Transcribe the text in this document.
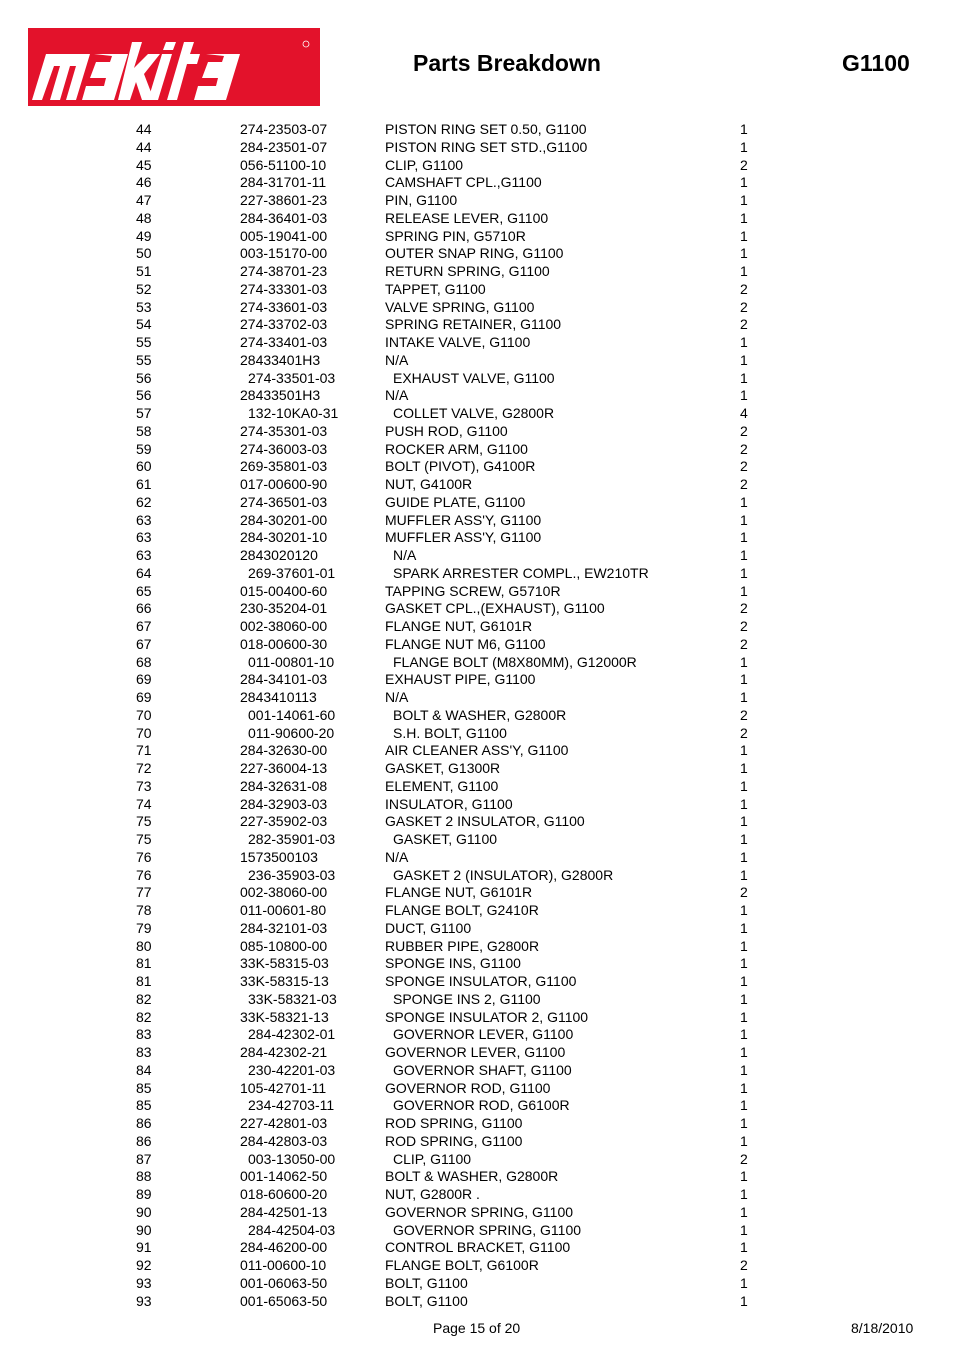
Parts Breakdown	G1100
44	274-23503-07	PISTON RING SET 0.50, G1100	1
44	284-23501-07	PISTON RING SET STD.,G1100	1
45	056-51100-10	CLIP, G1100	2
46	284-31701-11	CAMSHAFT CPL.,G1100	1
47	227-38601-23	PIN, G1100	1
48	284-36401-03	RELEASE LEVER, G1100	1
49	005-19041-00	SPRING PIN, G5710R	1
50	003-15170-00	OUTER SNAP RING, G1100	1
51	274-38701-23	RETURN SPRING, G1100	1
52	274-33301-03	TAPPET, G1100	2
53	274-33601-03	VALVE SPRING, G1100	2
54	274-33702-03	SPRING RETAINER, G1100	2
55	274-33401-03	INTAKE VALVE, G1100	1
55	28433401H3	N/A	1
56	274-33501-03	EXHAUST VALVE, G1100	1
56	28433501H3	N/A	1
57	132-10KA0-31	COLLET VALVE, G2800R	4
58	274-35301-03	PUSH ROD, G1100	2
59	274-36003-03	ROCKER ARM, G1100	2
60	269-35801-03	BOLT (PIVOT), G4100R	2
61	017-00600-90	NUT, G4100R	2
62	274-36501-03	GUIDE PLATE, G1100	1
63	284-30201-00	MUFFLER ASS'Y, G1100	1
63	284-30201-10	MUFFLER ASS'Y, G1100	1
63	2843020120	N/A	1
64	269-37601-01	SPARK ARRESTER COMPL., EW210TR	1
65	015-00400-60	TAPPING SCREW, G5710R	1
66	230-35204-01	GASKET CPL.,(EXHAUST), G1100	2
67	002-38060-00	FLANGE NUT, G6101R	2
67	018-00600-30	FLANGE NUT M6, G1100	2
68	011-00801-10	FLANGE BOLT (M8X80MM), G12000R	1
69	284-34101-03	EXHAUST PIPE, G1100	1
69	2843410113	N/A	1
70	001-14061-60	BOLT & WASHER, G2800R	2
70	011-90600-20	S.H. BOLT, G1100	2
71	284-32630-00	AIR CLEANER ASS'Y, G1100	1
72	227-36004-13	GASKET, G1300R	1
73	284-32631-08	ELEMENT, G1100	1
74	284-32903-03	INSULATOR, G1100	1
75	227-35902-03	GASKET 2 INSULATOR, G1100	1
75	282-35901-03	GASKET, G1100	1
76	1573500103	N/A	1
76	236-35903-03	GASKET 2 (INSULATOR), G2800R	1
77	002-38060-00	FLANGE NUT, G6101R	2
78	011-00601-80	FLANGE BOLT, G2410R	1
79	284-32101-03	DUCT, G1100	1
80	085-10800-00	RUBBER PIPE, G2800R	1
81	33K-58315-03	SPONGE INS, G1100	1
81	33K-58315-13	SPONGE INSULATOR, G1100	1
82	33K-58321-03	SPONGE INS 2, G1100	1
82	33K-58321-13	SPONGE INSULATOR 2, G1100	1
83	284-42302-01	GOVERNOR LEVER, G1100	1
83	284-42302-21	GOVERNOR LEVER, G1100	1
84	230-42201-03	GOVERNOR SHAFT, G1100	1
85	105-42701-11	GOVERNOR ROD, G1100	1
85	234-42703-11	GOVERNOR ROD, G6100R	1
86	227-42801-03	ROD SPRING, G1100	1
86	284-42803-03	ROD SPRING, G1100	1
87	003-13050-00	CLIP, G1100	2
88	001-14062-50	BOLT & WASHER, G2800R	1
89	018-60600-20	NUT, G2800R .	1
90	284-42501-13	GOVERNOR SPRING, G1100	1
90	284-42504-03	GOVERNOR SPRING, G1100	1
91	284-46200-00	CONTROL BRACKET, G1100	1
92	011-00600-10	FLANGE BOLT, G6100R	2
93	001-06063-50	BOLT, G1100	1
93	001-65063-50	BOLT, G1100	1
Page 15 of 20	8/18/2010
